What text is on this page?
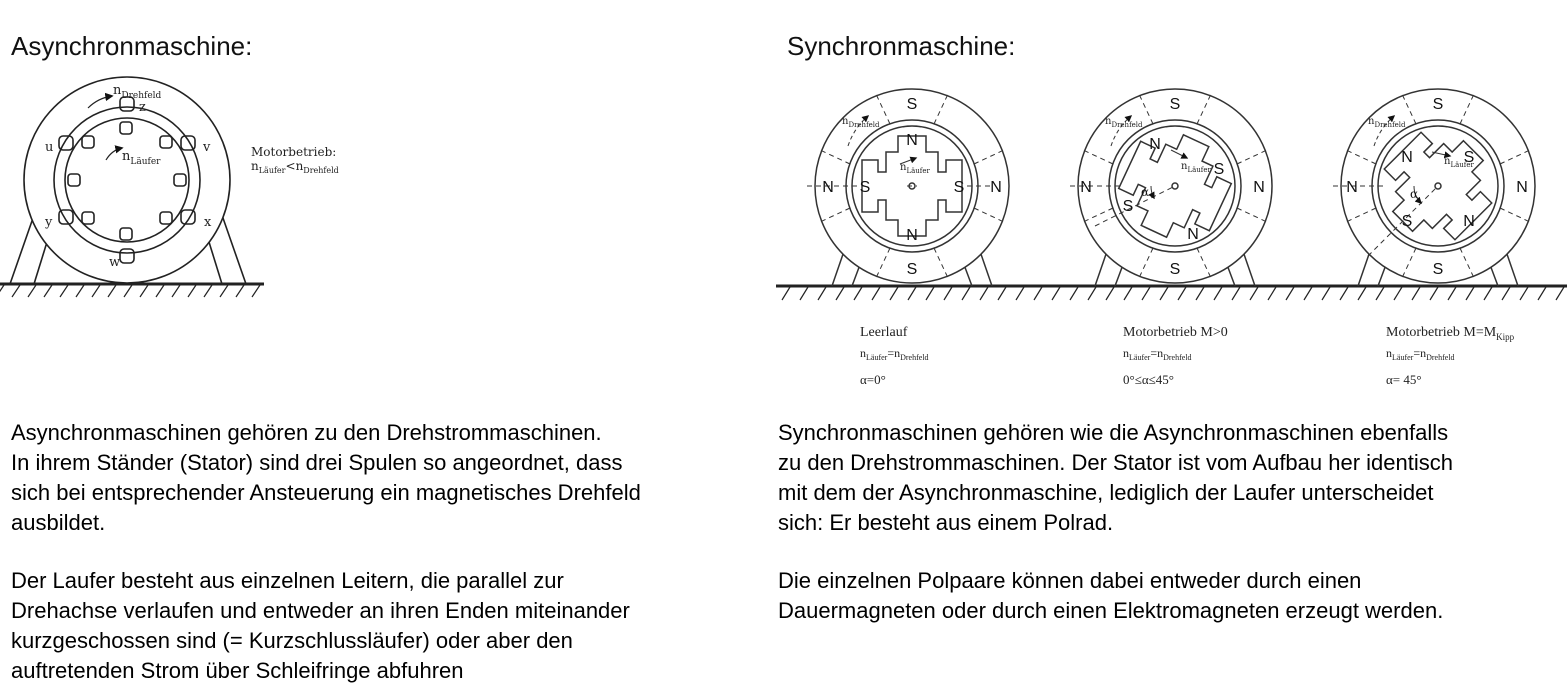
Asynchronmaschine:	Synchronmaschine:
u	v
w
x
y
z
$n_{Drehfeld}$
$n_{Läufer}$
Motorbetrieb:
$n_{Läufer}<n_{Drehfeld}$
S
S
N	N
N
N
S	S
$n_{Drehfeld}$
$n_{Läufer}$
S
S
N	N
N
N
S
S
α
$n_{Drehfeld}$
$n_{Läufer}$
S
S
N	N
N
N
S
S
α
$n_{Drehfeld}$
$n_{Läufer}$
Leerlauf
$n_{Läufer}=n_{Drehfeld}$
α=0°
Motorbetrieb M>0
$n_{Läufer}=n_{Drehfeld}$
0°≤α≤45°
Motorbetrieb $M=M_{Kipp}$
$n_{Läufer}=n_{Drehfeld}$
α= 45°
Asynchronmaschinen gehören zu den Drehstrommaschinen.
In ihrem Ständer (Stator) sind drei Spulen so angeordnet, dass
sich bei entsprechender Ansteuerung ein magnetisches Drehfeld
ausbildet.
Der Laufer besteht aus einzelnen Leitern, die parallel zur
Drehachse verlaufen und entweder an ihren Enden miteinander
kurzgeschossen sind (= Kurzschlussläufer) oder aber den
auftretenden Strom über Schleifringe abfuhren
Synchronmaschinen gehören wie die Asynchronmaschinen ebenfalls
zu den Drehstrommaschinen. Der Stator ist vom Aufbau her identisch
mit dem der Asynchronmaschine, lediglich der Laufer unterscheidet
sich: Er besteht aus einem Polrad.
Die einzelnen Polpaare können dabei entweder durch einen
Dauermagneten oder durch einen Elektromagneten erzeugt werden.
